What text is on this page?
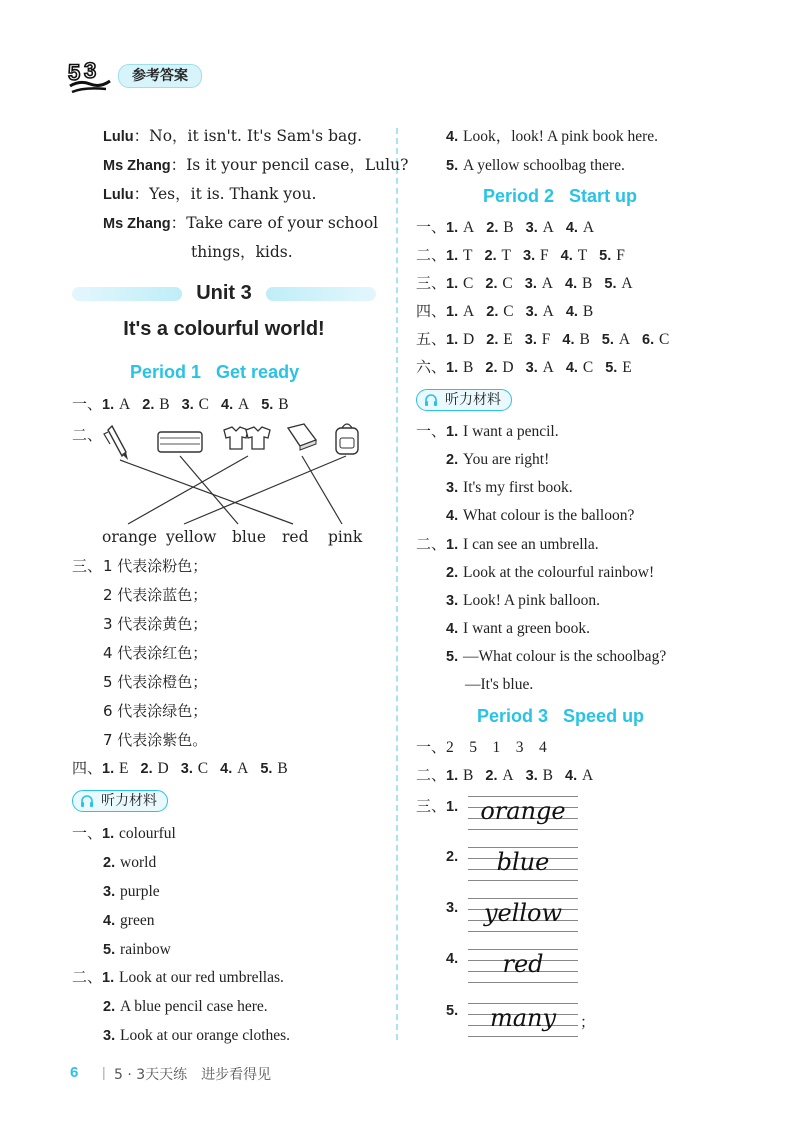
5 3	参考答案
Lulu：No，it isn't. It's Sam's bag.
Ms Zhang：Is it your pencil case，Lulu?
Lulu：Yes，it is. Thank you.
Ms Zhang：Take care of your school
things，kids.
Unit 3
It's a colourful world!
Period 1 Get ready
一、1. A 2. B 3. C 4. A 5. B
二、
orange yellow blue red pink
三、 1 代表涂粉色；
2 代表涂蓝色；
3 代表涂黄色；
4 代表涂红色；
5 代表涂橙色；
6 代表涂绿色；
7 代表涂紫色。
四、1. E 2. D 3. C 4. A 5. B
听力材料
一、1. colourful
2. world
3. purple
4. green
5. rainbow
二、1. Look at our red umbrellas.
2. A blue pencil case here.
3. Look at our orange clothes.
4. Look，look! A pink book here.
5. A yellow schoolbag there.
Period 2 Start up
一、1. A 2. B 3. A 4. A
二、1. T 2. T 3. F 4. T 5. F
三、1. C 2. C 3. A 4. B 5. A
四、1. A 2. C 3. A 4. B
五、1. D 2. E 3. F 4. B 5. A 6. C
六、1. B 2. D 3. A 4. C 5. E
听力材料
一、1. I want a pencil.
2. You are right!
3. It's my first book.
4. What colour is the balloon?
二、1. I can see an umbrella.
2. Look at the colourful rainbow!
3. Look! A pink balloon.
4. I want a green book.
5. —What colour is the schoolbag?
—It's blue.
Period 3 Speed up
一、2　5　1　3　4
二、1. B 2. A 3. B 4. A
三、1. orange
2.	blue
3.	yellow
4.	red
5.	many	；
6 | 5 · 3天天练　进步看得见
